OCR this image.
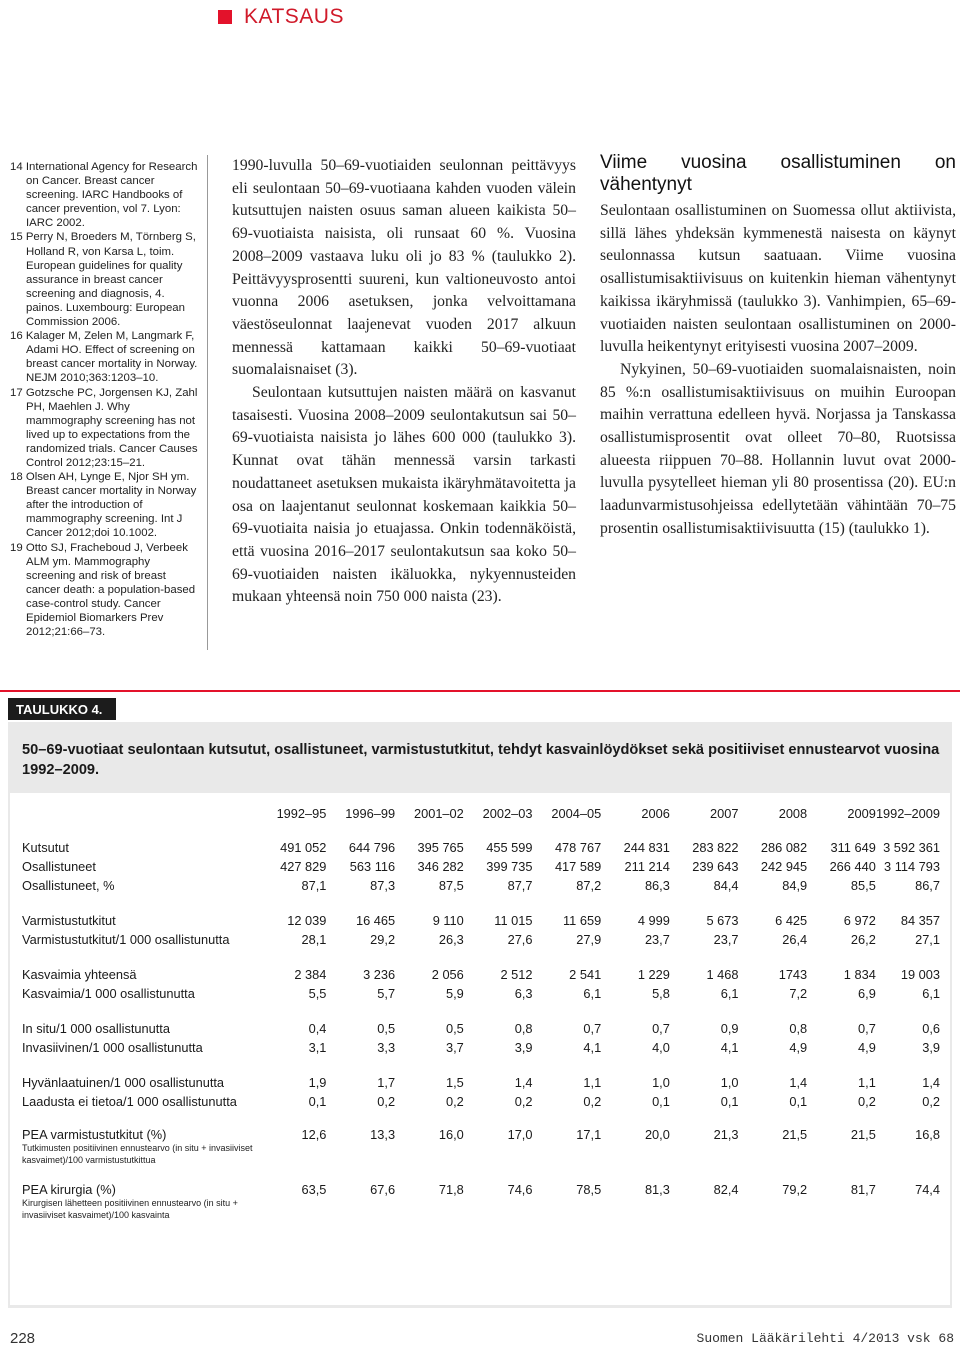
KATSAUS

14 International Agency for Research on Cancer. Breast cancer screening. IARC Handbooks of cancer prevention, vol 7. Lyon: IARC 2002.

15 Perry N, Broeders M, Törnberg S, Holland R, von Karsa L, toim. European guidelines for quality assurance in breast cancer screening and diagnosis, 4. painos. Luxembourg: European Commission 2006.

16 Kalager M, Zelen M, Langmark F, Adami HO. Effect of screening on breast cancer mortality in Norway. NEJM 2010;363:1203–10.

17 Gotzsche PC, Jorgensen KJ, Zahl PH, Maehlen J. Why mammography screening has not lived up to expectations from the randomized trials. Cancer Causes Control 2012;23:15–21.

18 Olsen AH, Lynge E, Njor SH ym. Breast cancer mortality in Norway after the introduction of mammography screening. Int J Cancer 2012;doi 10.1002.

19 Otto SJ, Fracheboud J, Verbeek ALM ym. Mammography screening and risk of breast cancer death: a population-based case-control study. Cancer Epidemiol Biomarkers Prev 2012;21:66–73.

1990-luvulla 50–69-vuotiaiden seulonnan peittävyys eli seulontaan 50–69-vuotiaana kahden vuoden välein kutsuttujen naisten osuus saman alueen kaikista 50–69-vuotiaista naisista, oli runsaat 60 %. Vuosina 2008–2009 vastaava luku oli jo 83 % (taulukko 2). Peittävyysprosentti suureni, kun valtioneuvosto antoi vuonna 2006 asetuksen, jonka velvoittamana väestöseulonnat laajenevat vuoden 2017 alkuun mennessä kattamaan kaikki 50–69-vuotiaat suomalaisnaiset (3).

Seulontaan kutsuttujen naisten määrä on kasvanut tasaisesti. Vuosina 2008–2009 seulontakutsun sai 50–69-vuotiaista naisista jo lähes 600 000 (taulukko 3). Kunnat ovat tähän mennessä varsin tarkasti noudattaneet asetuksen mukaista ikäryhmätavoitetta ja osa on laajentanut seulonnat koskemaan kaikkia 50–69-vuotiaita naisia jo etuajassa. Onkin todennäköistä, että vuosina 2016–2017 seulontakutsun saa koko 50–69-vuotiaiden naisten ikäluokka, nykyennusteiden mukaan yhteensä noin 750 000 naista (23).

Viime vuosina osallistuminen on vähentynyt

Seulontaan osallistuminen on Suomessa ollut aktiivista, sillä lähes yhdeksän kymmenestä naisesta on käynyt seulonnassa kutsun saatuaan. Viime vuosina osallistumisaktiivisuus on kuitenkin hieman vähentynyt kaikissa ikäryhmissä (taulukko 3). Vanhimpien, 65–69-vuotiaiden naisten seulontaan osallistuminen on 2000-luvulla heikentynyt erityisesti vuosina 2007–2009.

Nykyinen, 50–69-vuotiaiden suomalaisnaisten, noin 85 %:n osallistumisaktiivisuus on muihin Euroopan maihin verrattuna edelleen hyvä. Norjassa ja Tanskassa osallistumisprosentit ovat olleet 70–80, Ruotsissa alueesta riippuen 70–88. Hollannin luvut ovat 2000-luvulla pysytelleet hieman yli 80 prosentissa (20). EU:n laadunvarmistusohjeissa edellytetään vähintään 70–75 prosentin osallistumisaktiivisuutta (15) (taulukko 1).

TAULUKKO 4.
50–69-vuotiaat seulontaan kutsutut, osallistuneet, varmistustutkitut, tehdyt kasvainlöydökset sekä positiiviset ennustearvot vuosina 1992–2009.
	1992–95	1996–99	2001–02	2002–03	2004–05	2006	2007	2008	2009	1992–2009

Kutsutut	491 052	644 796	395 765	455 599	478 767	244 831	283 822	286 082	311 649	3 592 361
Osallistuneet	427 829	563 116	346 282	399 735	417 589	211 214	239 643	242 945	266 440	3 114 793
Osallistuneet, %	87,1	87,3	87,5	87,7	87,2	86,3	84,4	84,9	85,5	86,7

Varmistustutkitut	12 039	16 465	9 110	11 015	11 659	4 999	5 673	6 425	6 972	84 357
Varmistustutkitut/1 000 osallistunutta	28,1	29,2	26,3	27,6	27,9	23,7	23,7	26,4	26,2	27,1

Kasvaimia yhteensä	2 384	3 236	2 056	2 512	2 541	1 229	1 468	1743	1 834	19 003
Kasvaimia/1 000 osallistunutta	5,5	5,7	5,9	6,3	6,1	5,8	6,1	7,2	6,9	6,1

In situ/1 000 osallistunutta	0,4	0,5	0,5	0,8	0,7	0,7	0,9	0,8	0,7	0,6
Invasiivinen/1 000 osallistunutta	3,1	3,3	3,7	3,9	4,1	4,0	4,1	4,9	4,9	3,9

Hyvänlaatuinen/1 000 osallistunutta	1,9	1,7	1,5	1,4	1,1	1,0	1,0	1,4	1,1	1,4
Laadusta ei tietoa/1 000 osallistunutta	0,1	0,2	0,2	0,2	0,2	0,1	0,1	0,1	0,2	0,2

PEA varmistustutkitut (%)
Tutkimusten positiivinen ennustearvo (in situ + invasiiviset kasvaimet)/100 varmistustutkittua	12,6	13,3	16,0	17,0	17,1	20,0	21,3	21,5	21,5	16,8

PEA kirurgia (%)
Kirurgisen lähetteen positiivinen ennustearvo (in situ + invasiiviset kasvaimet)/100 kasvainta	63,5	67,6	71,8	74,6	78,5	81,3	82,4	79,2	81,7	74,4
228	Suomen Lääkärilehti 4/2013 vsk 68
